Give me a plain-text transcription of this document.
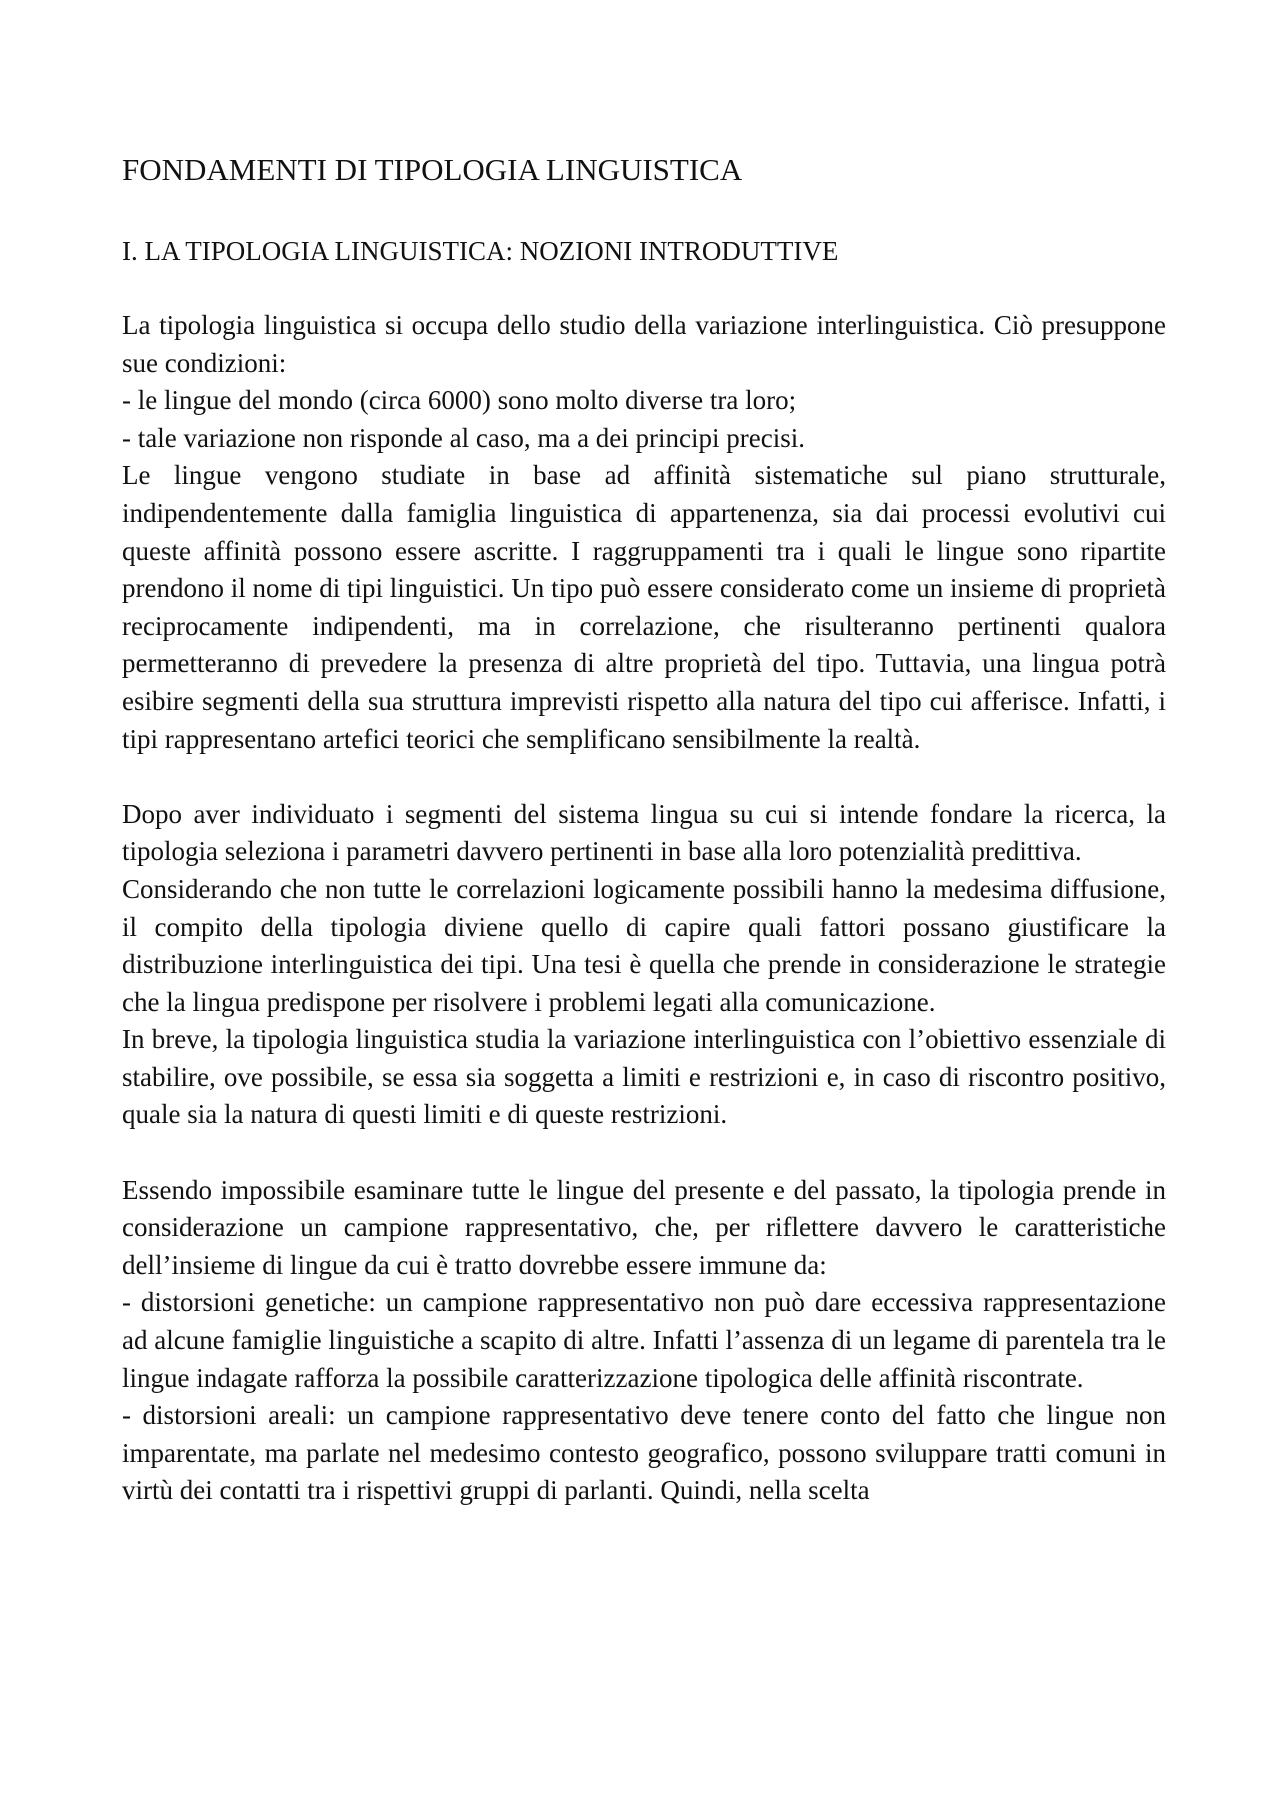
FONDAMENTI DI TIPOLOGIA LINGUISTICA
I. LA TIPOLOGIA LINGUISTICA: NOZIONI INTRODUTTIVE

La tipologia linguistica si occupa dello studio della variazione interlinguistica. Ciò presuppone sue condizioni:

- le lingue del mondo (circa 6000) sono molto diverse tra loro;

- tale variazione non risponde al caso, ma a dei principi precisi.

Le lingue vengono studiate in base ad affinità sistematiche sul piano strutturale, indipendentemente dalla famiglia linguistica di appartenenza, sia dai processi evolutivi cui queste affinità possono essere ascritte. I raggruppamenti tra i quali le lingue sono ripartite prendono il nome di tipi linguistici. Un tipo può essere considerato come un insieme di proprietà reciprocamente indipendenti, ma in correlazione, che risulteranno pertinenti qualora permetteranno di prevedere la presenza di altre proprietà del tipo. Tuttavia, una lingua potrà esibire segmenti della sua struttura imprevisti rispetto alla natura del tipo cui afferisce. Infatti, i tipi rappresentano artefici teorici che semplificano sensibilmente la realtà.

Dopo aver individuato i segmenti del sistema lingua su cui si intende fondare la ricerca, la tipologia seleziona i parametri davvero pertinenti in base alla loro potenzialità predittiva.

Considerando che non tutte le correlazioni logicamente possibili hanno la medesima diffusione, il compito della tipologia diviene quello di capire quali fattori possano giustificare la distribuzione interlinguistica dei tipi. Una tesi è quella che prende in considerazione le strategie che la lingua predispone per risolvere i problemi legati alla comunicazione.

In breve, la tipologia linguistica studia la variazione interlinguistica con l’obiettivo essenziale di stabilire, ove possibile, se essa sia soggetta a limiti e restrizioni e, in caso di riscontro positivo, quale sia la natura di questi limiti e di queste restrizioni.

Essendo impossibile esaminare tutte le lingue del presente e del passato, la tipologia prende in considerazione un campione rappresentativo, che, per riflettere davvero le caratteristiche dell’insieme di lingue da cui è tratto dovrebbe essere immune da:

- distorsioni genetiche: un campione rappresentativo non può dare eccessiva rappresentazione ad alcune famiglie linguistiche a scapito di altre. Infatti l’assenza di un legame di parentela tra le lingue indagate rafforza la possibile caratterizzazione tipologica delle affinità riscontrate.

- distorsioni areali: un campione rappresentativo deve tenere conto del fatto che lingue non imparentate, ma parlate nel medesimo contesto geografico, possono sviluppare tratti comuni in virtù dei contatti tra i rispettivi gruppi di parlanti. Quindi, nella scelta
